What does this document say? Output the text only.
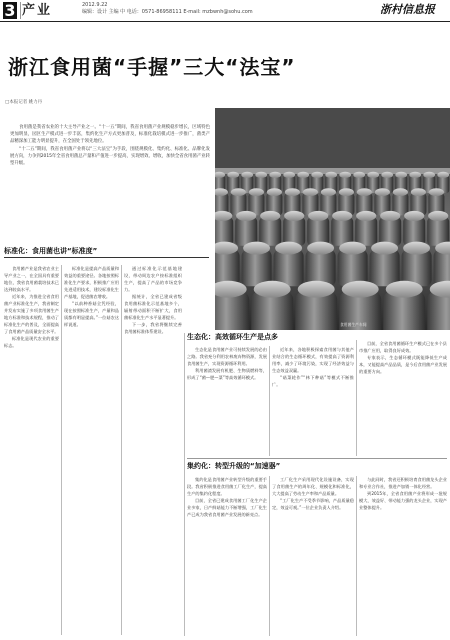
3 产业	2012.9.22
编辑：设计 主编 中 电话：0571-86958111 E-mail: mzbwnh@sohu.com	浙村信息报
浙江食用菌“手握”三大“法宝”
□本报记者 姚力丹

食用菌是我省农业的十大主导产业之一。“十一五”期间，我省食用菌产业规模稳步增长，区域特色更加明显，园区生产模式进一步丰富，集约化生产方式更加普及，标准化栽培模式进一步推广，菌类产品精深加工能力明显提升，在全国处于领先地位。

“十二五”期间，我省食用菌产业将以“三大法宝”为手段，围绕规模化、集约化、标准化、品牌化发展方向，力争到2015年全省食用菌总产量和产值进一步提高，实现增效、增收，加快全省食用菌产业转型升级。

食用菌生产车间
标准化：食用菌也讲“标准度”
生态化：高效循环生产是点多
集约化：转型升级的“加速器”

食用菌产业是我省农业主导产业之一，在全国具有重要地位，我省食用菌栽培技术已达到较高水平。

近年来，为推进全省食用菌产业标准化生产，我省制定并发布实施了多项食用菌生产地方标准和技术规程，推动了标准化生产的普及，全面提高了食用菌产品质量安全水平。

标准化是现代农业的重要标志。

标准化是提高产品质量和效益的重要途径。各地按照标准化生产要求，积极推广应用先进适用技术，建设标准化生产基地，促进菌农增收。

“以前种香菇全凭经验，现在按照标准生产，产量和品质都有明显提高。”一位菇农这样说道。

通过标准化示范基地建设，带动周边农户按标准组织生产，提高了产品的市场竞争力。

据统计，全省已建成省级食用菌标准化示范基地多个，辐射带动面积不断扩大，食用菌标准化生产水平显著提升。

下一步，我省将继续完善食用菌标准体系建设。

生态化是食用菌产业可持续发展的必由之路。我省充分利用农林废弃物资源，发展食用菌生产，实现资源循环利用。

利用菌渣发展有机肥、生物质燃料等，形成了“菌—肥—菜”等高效循环模式。

近年来，各地积极探索食用菌与其他产业结合的生态循环模式，有效提高了资源利用率，减少了环境污染，实现了经济效益与生态效益双赢。

“菇菜轮作”“林下种菇”等模式不断推广。

目前，全省食用菌循环生产模式已在多个县市推广应用，取得良好成效。

专家表示，生态循环模式既能降低生产成本，又能提高产品品质，是今后食用菌产业发展的重要方向。

集约化是食用菌产业转型升级的重要手段。我省积极推进食用菌工厂化生产，提高生产的集约化程度。

目前，全省已建成食用菌工厂化生产企业多家，日产鲜菇能力不断增强，工厂化生产已成为我省食用菌产业发展的新亮点。

工厂化生产采用现代化设施设备，实现了食用菌生产的周年化、规模化和标准化，大大提高了劳动生产率和产品质量。

“工厂化生产不受季节影响，产品质量稳定，效益可观。”一位企业负责人介绍。

与此同时，我省还积极培育食用菌龙头企业和专业合作社，推进产加销一体化经营。

到2015年，全省食用菌产业将形成一批规模大、效益好、带动能力强的龙头企业，实现产业整体提升。
